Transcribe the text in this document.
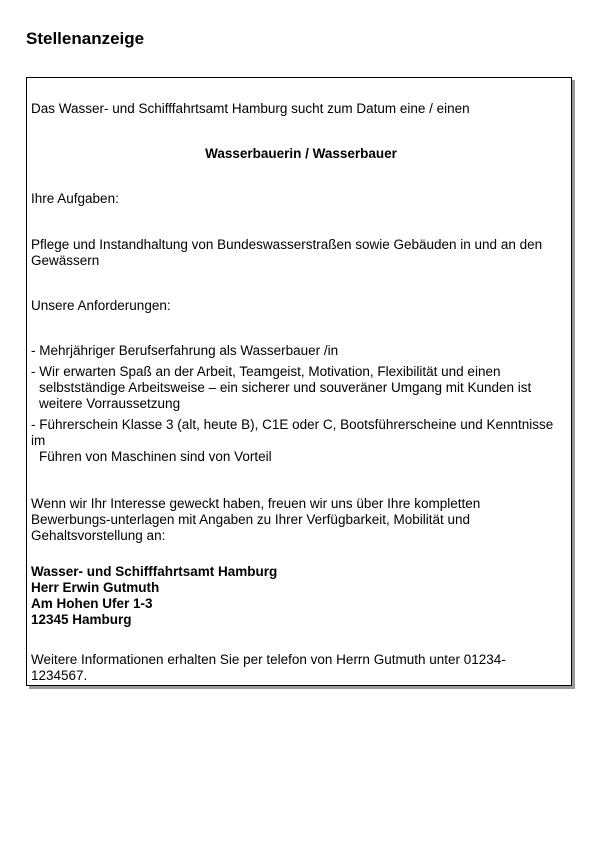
Stellenanzeige

Das Wasser- und Schifffahrtsamt Hamburg sucht zum Datum eine / einen

Wasserbauerin / Wasserbauer

Ihre Aufgaben:

Pflege und Instandhaltung von Bundeswasserstraßen sowie Gebäuden in und an den
Gewässern

Unsere Anforderungen:

- Mehrjähriger Berufserfahrung als Wasserbauer /in
- Wir erwarten Spaß an der Arbeit, Teamgeist, Motivation, Flexibilität und einen
selbstständige Arbeitsweise – ein sicherer und souveräner Umgang mit Kunden ist
weitere Vorraussetzung
- Führerschein Klasse 3 (alt, heute B), C1E oder C, Bootsführerscheine und Kenntnisse
im
Führen von Maschinen sind von Vorteil

Wenn wir Ihr Interesse geweckt haben, freuen wir uns über Ihre kompletten
Bewerbungs-unterlagen mit Angaben zu Ihrer Verfügbarkeit, Mobilität und
Gehaltsvorstellung an:

Wasser- und Schifffahrtsamt Hamburg
Herr Erwin Gutmuth
Am Hohen Ufer 1-3
12345 Hamburg

Weitere Informationen erhalten Sie per telefon von Herrn Gutmuth unter 01234-
1234567.
